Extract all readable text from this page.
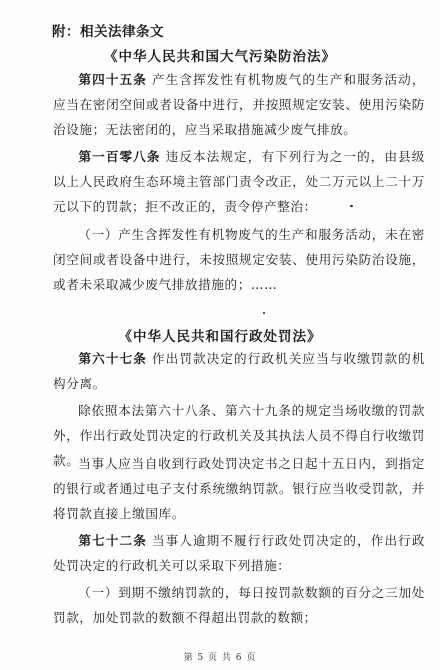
附：相关法律条文
《中华人民共和国大气污染防治法》
第四十五条 产生含挥发性有机物废气的生产和服务活动，应当在密闭空间或者设备中进行，并按照规定安装、使用污染防治设施；无法密闭的，应当采取措施减少废气排放。
第一百零八条 违反本法规定，有下列行为之一的，由县级以上人民政府生态环境主管部门责令改正，处二万元以上二十万元以下的罚款；拒不改正的，责令停产整治：
（一）产生含挥发性有机物废气的生产和服务活动，未在密闭空间或者设备中进行，未按照规定安装、使用污染防治设施，或者未采取减少废气排放措施的；……
《中华人民共和国行政处罚法》
第六十七条 作出罚款决定的行政机关应当与收缴罚款的机构分离。
除依照本法第六十八条、第六十九条的规定当场收缴的罚款外，作出行政处罚决定的行政机关及其执法人员不得自行收缴罚款。
当事人应当自收到行政处罚决定书之日起十五日内，到指定的银行或者通过电子支付系统缴纳罚款。银行应当收受罚款，并将罚款直接上缴国库。
第七十二条 当事人逾期不履行行政处罚决定的，作出行政处罚决定的行政机关可以采取下列措施：
（一）到期不缴纳罚款的，每日按罚款数额的百分之三加处罚款，加处罚款的数额不得超出罚款的数额；
第 5 页 共 6 页
